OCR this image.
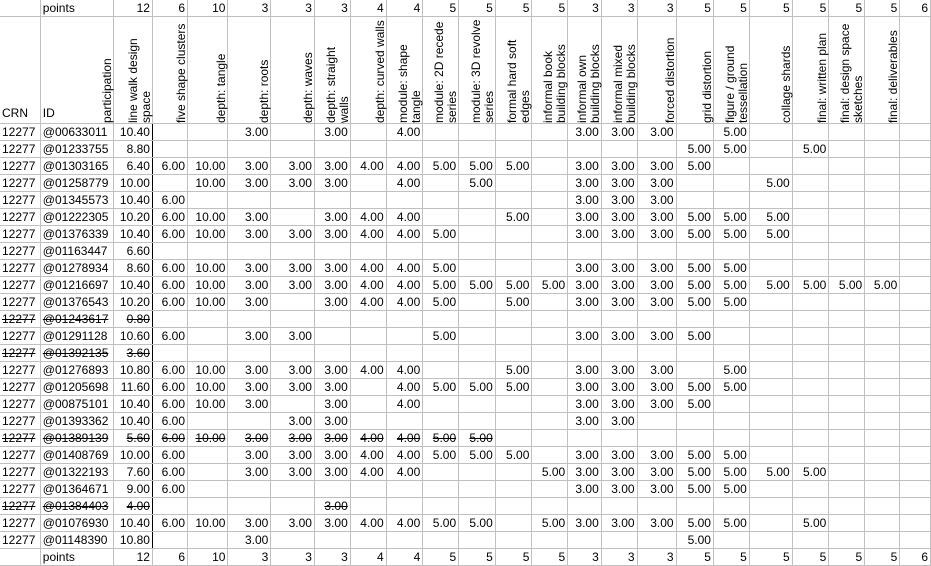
	points	12	6	10	3	3	3	4	4	5	5	5	5	3	3	3	5	5	5	5	5	5	6
CRN	ID	participation	line walk design space	five shape clusters	depth: tangle	depth: roots	depth: waves	depth: straight walls	depth: curved walls	module: shape tangle	module: 2D recede series	module: 3D revolve series	formal hard soft edges	informal book building blocks	informal own building blocks	informal mixed building blocks	forced distortion	grid distortion	figure / ground tessellation	collage shards	final: written plan	final: design space sketches	final: deliverables

12277	@00633011	10.40			3.00		3.00		4.00					3.00	3.00	3.00		5.00					
12277	@01233755	8.80															5.00	5.00		5.00			
12277	@01303165	6.40	6.00	10.00	3.00	3.00	3.00	4.00	4.00	5.00	5.00	5.00		3.00	3.00	3.00	5.00						
12277	@01258779	10.00		10.00	3.00	3.00	3.00		4.00		5.00			3.00	3.00	3.00			5.00				
12277	@01345573	10.40	6.00											3.00	3.00	3.00							
12277	@01222305	10.20	6.00	10.00	3.00		3.00	4.00	4.00			5.00		3.00	3.00	3.00	5.00	5.00	5.00				
12277	@01376339	10.40	6.00	10.00	3.00	3.00	3.00	4.00	4.00	5.00				3.00	3.00	3.00	5.00	5.00	5.00				
12277	@01163447	6.60																					
12277	@01278934	8.60	6.00	10.00	3.00	3.00	3.00	4.00	4.00	5.00				3.00	3.00	3.00	5.00	5.00					
12277	@01216697	10.40	6.00	10.00	3.00	3.00	3.00	4.00	4.00	5.00	5.00	5.00	5.00	3.00	3.00	3.00	5.00	5.00	5.00	5.00	5.00	5.00	
12277	@01376543	10.20	6.00	10.00	3.00		3.00	4.00	4.00	5.00		5.00		3.00	3.00	3.00	5.00	5.00					
12277	@01243617	0.80																					
12277	@01291128	10.60	6.00		3.00	3.00				5.00				3.00	3.00	3.00	5.00						
12277	@01392135	3.60																					
12277	@01276893	10.80	6.00	10.00	3.00	3.00	3.00	4.00	4.00			5.00		3.00	3.00	3.00		5.00					
12277	@01205698	11.60	6.00	10.00	3.00	3.00	3.00		4.00	5.00	5.00	5.00		3.00	3.00	3.00	5.00	5.00					
12277	@00875101	10.40	6.00	10.00	3.00		3.00		4.00					3.00	3.00	3.00	5.00						
12277	@01393362	10.40	6.00			3.00	3.00							3.00	3.00								
12277	@01389139	5.60	6.00	10.00	3.00	3.00	3.00	4.00	4.00	5.00	5.00												
12277	@01408769	10.00	6.00		3.00	3.00	3.00	4.00	4.00	5.00	5.00	5.00		3.00	3.00	3.00	5.00	5.00					
12277	@01322193	7.60	6.00		3.00	3.00	3.00	4.00	4.00				5.00	3.00	3.00	3.00	5.00	5.00	5.00	5.00			
12277	@01364671	9.00	6.00											3.00	3.00	3.00	5.00	5.00					
12277	@01384403	4.00					3.00																
12277	@01076930	10.40	6.00	10.00	3.00	3.00	3.00	4.00	4.00	5.00	5.00		5.00	3.00	3.00	3.00	5.00	5.00		5.00			
12277	@01148390	10.80			3.00												5.00						
	points	12	6	10	3	3	3	4	4	5	5	5	5	3	3	3	5	5	5	5	5	5	6
